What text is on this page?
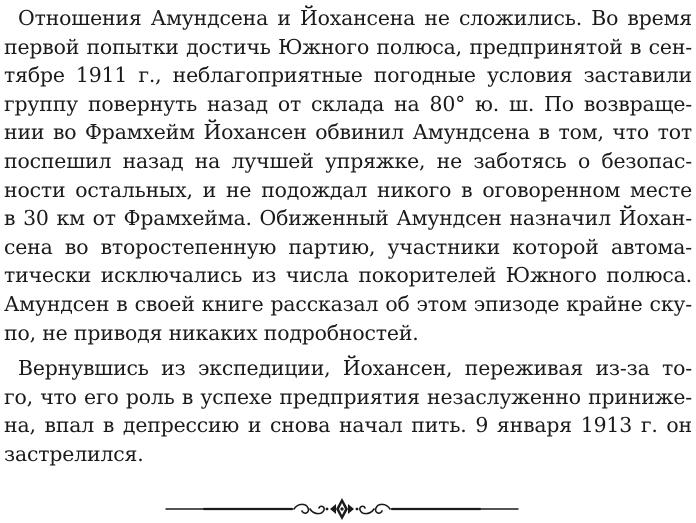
Отношения Амундсена и Йохансена не сложились. Во время
первой попытки достичь Южного полюса, предпринятой в сен-
тябре 1911 г., неблагоприятные погодные условия заставили
группу повернуть назад от склада на 80° ю. ш. По возвраще-
нии во Фрамхейм Йохансен обвинил Амундсена в том, что тот
поспешил назад на лучшей упряжке, не заботясь о безопас-
ности остальных, и не подождал никого в оговоренном месте
в 30 км от Фрамхейма. Обиженный Амундсен назначил Йохан-
сена во второстепенную партию, участники которой автома-
тически исключались из числа покорителей Южного полюса.
Амундсен в своей книге рассказал об этом эпизоде крайне ску-
по, не приводя никаких подробностей.
Вернувшись из экспедиции, Йохансен, переживая из-за то-
го, что его роль в успехе предприятия незаслуженно принижe-
на, впал в депрессию и снова начал пить. 9 января 1913 г. он
застрелился.
